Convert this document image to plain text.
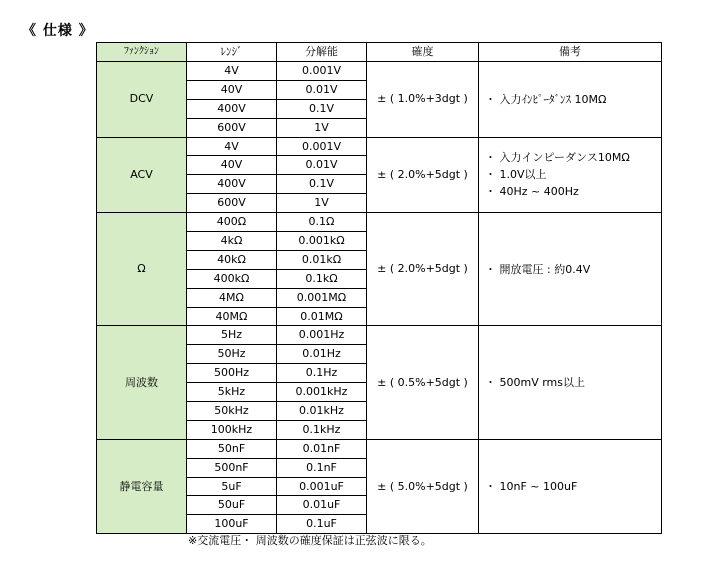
《 仕様 》
ﾌｧﾝｸｼｮﾝ	ﾚﾝｼﾞ	分解能	確度	備考
DCV	4V	0.001V	± ( 1.0%+3dgt )	・ 入力ｲﾝﾋﾟｰﾀﾞﾝｽ 10MΩ

	40V	0.01V		
	400V	0.1V		
	600V	1V		
ACV	4V	0.001V	± ( 2.0%+5dgt )	・ 入力インピーダンス10MΩ
・ 1.0V以上
・ 40Hz ~ 400Hz

	40V	0.01V		
	400V	0.1V		
	600V	1V		
Ω	400Ω	0.1Ω	± ( 2.0%+5dgt )	・ 開放電圧 : 約0.4V

	4kΩ	0.001kΩ		
	40kΩ	0.01kΩ		
	400kΩ	0.1kΩ		
	4MΩ	0.001MΩ		
	40MΩ	0.01MΩ		
周波数	5Hz	0.001Hz	± ( 0.5%+5dgt )	・ 500mV rms以上

	50Hz	0.01Hz		
	500Hz	0.1Hz		
	5kHz	0.001kHz		
	50kHz	0.01kHz		
	100kHz	0.1kHz		
静電容量	50nF	0.01nF	± ( 5.0%+5dgt )	・ 10nF ~ 100uF

	500nF	0.1nF		
	5uF	0.001uF		
	50uF	0.01uF		
	100uF	0.1uF		
※交流電圧・ 周波数の確度保証は正弦波に限る。
